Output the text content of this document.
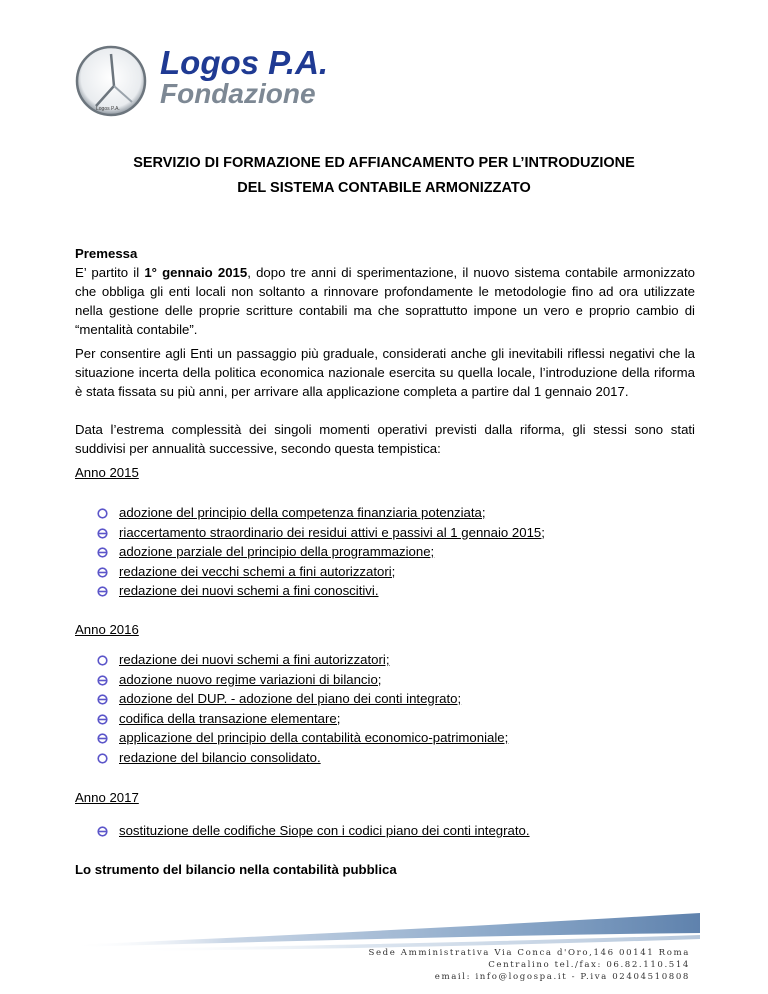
Logos P.A.
Logos P.A.
Fondazione
SERVIZIO DI FORMAZIONE ED AFFIANCAMENTO PER L’INTRODUZIONE
DEL SISTEMA CONTABILE ARMONIZZATO
Premessa
E’ partito il 1° gennaio 2015, dopo tre anni di sperimentazione, il nuovo sistema contabile armonizzato che obbliga gli enti locali non soltanto a rinnovare profondamente le metodologie fino ad ora utilizzate nella gestione delle proprie scritture contabili ma che soprattutto impone un vero e proprio cambio di “mentalità contabile”.
Per consentire agli Enti un passaggio più graduale, considerati anche gli inevitabili riflessi negativi che la situazione incerta della politica economica nazionale esercita su quella locale, l’introduzione della riforma è stata fissata su più anni, per arrivare alla applicazione completa a partire dal 1 gennaio 2017.
Data l’estrema complessità dei singoli momenti operativi previsti dalla riforma, gli stessi sono stati suddivisi per annualità successive, secondo questa tempistica:
Anno 2015
adozione del principio della competenza finanziaria potenziata;
riaccertamento straordinario dei residui attivi e passivi al 1 gennaio 2015;
adozione parziale del principio della programmazione;
redazione dei vecchi schemi a fini autorizzatori;
redazione dei nuovi schemi a fini conoscitivi.
Anno 2016
redazione dei nuovi schemi a fini autorizzatori;
adozione nuovo regime variazioni di bilancio;
adozione del DUP. - adozione del piano dei conti integrato;
codifica della transazione elementare;
applicazione del principio della contabilità economico-patrimoniale;
redazione del bilancio consolidato.
Anno 2017
sostituzione delle codifiche Siope con i codici piano dei conti integrato.
Lo strumento del bilancio nella contabilità pubblica
Sede Amministrativa Via Conca d'Oro,146 00141 Roma
Centralino tel./fax: 06.82.110.514
email: info@logospa.it - P.iva 02404510808
